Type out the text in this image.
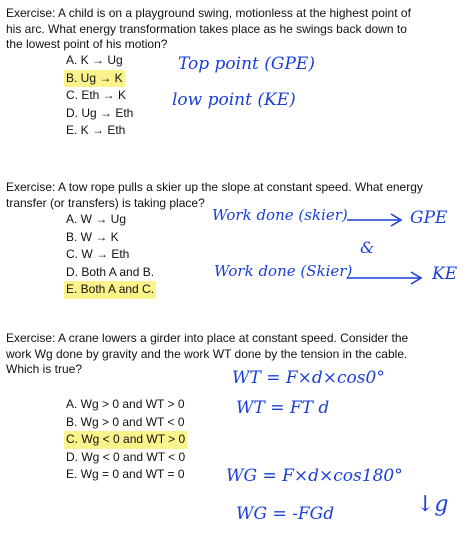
Exercise: A child is on a playground swing, motionless at the highest point of his arc. What energy transformation takes place as he swings back down to the lowest point of his motion?
A. K → Ug
B. Ug → K
C. Eth → K
D. Ug → Eth
E. K → Eth
Top point (GPE)
low point (KE)
Exercise: A tow rope pulls a skier up the slope at constant speed. What energy transfer (or transfers) is taking place?
A. W → Ug
B. W → K
C. W → Eth
D. Both A and B.
E. Both A and C.
Work done (skier)	GPE
&
Work done (Skier)	KE
Exercise: A crane lowers a girder into place at constant speed. Consider the work Wg done by gravity and the work WT done by the tension in the cable. Which is true?
A. Wg > 0 and WT > 0
B. Wg > 0 and WT < 0
C. Wg < 0 and WT > 0
D. Wg < 0 and WT < 0
E. Wg = 0 and WT = 0
WT = F×d×cos0°
WT = FT d
WG = F×d×cos180°
WG = -FGd	↓g
